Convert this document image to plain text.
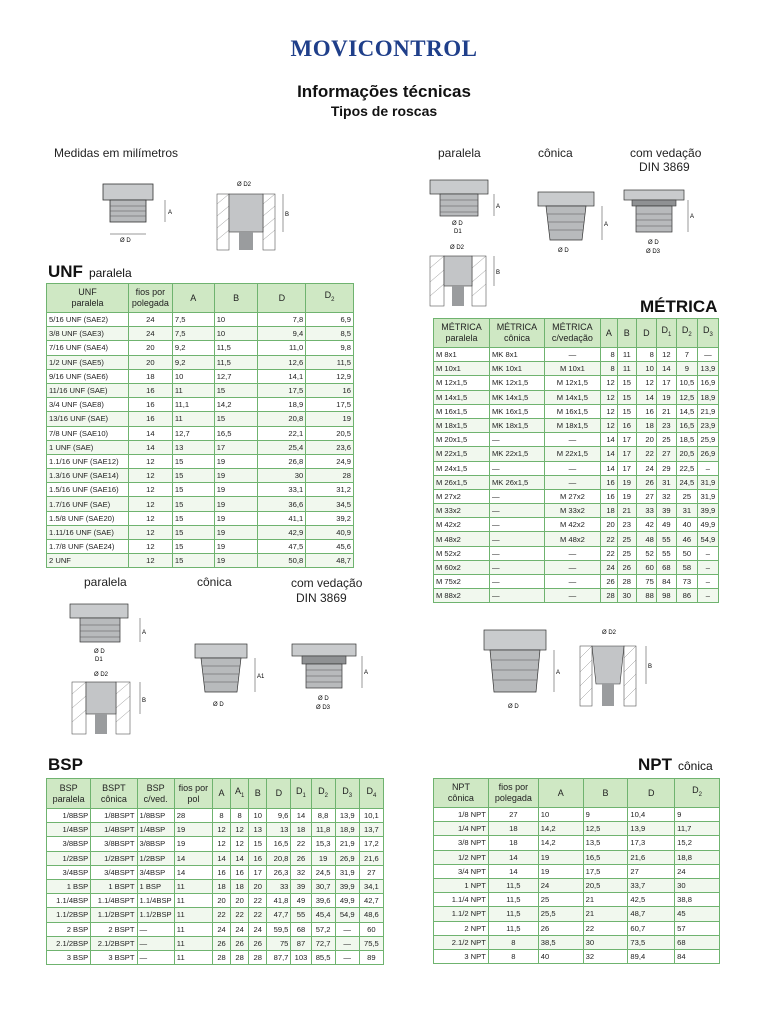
MOVICONTROL
Informações técnicas
Tipos de roscas
Medidas em milímetros	paralela	cônica	com vedação
DIN 3869
A
Ø D
Ø D2
B
Ø D
D1
A
Ø D2
B
A
Ø D
A
Ø D
Ø D3
UNF paralela
UNF
paralela	fios por
polegada	A	B	D	$D_2$
5/16 UNF (SAE2)	24	7,5	10	7,8	6,9
3/8 UNF (SAE3)	24	7,5	10	9,4	8,5
7/16 UNF (SAE4)	20	9,2	11,5	11,0	9,8
1/2 UNF (SAE5)	20	9,2	11,5	12,6	11,5
9/16 UNF (SAE6)	18	10	12,7	14,1	12,9
11/16 UNF (SAE)	16	11	15	17,5	16
3/4 UNF (SAE8)	16	11,1	14,2	18,9	17,5
13/16 UNF (SAE)	16	11	15	20,8	19
7/8 UNF (SAE10)	14	12,7	16,5	22,1	20,5
1 UNF (SAE)	14	13	17	25,4	23,6
1.1/16 UNF (SAE12)	12	15	19	26,8	24,9
1.3/16 UNF (SAE14)	12	15	19	30	28
1.5/16 UNF (SAE16)	12	15	19	33,1	31,2
1.7/16 UNF (SAE)	12	15	19	36,6	34,5
1.5/8 UNF (SAE20)	12	15	19	41,1	39,2
1.11/16 UNF (SAE)	12	15	19	42,9	40,9
1.7/8 UNF (SAE24)	12	15	19	47,5	45,6
2 UNF	12	15	19	50,8	48,7
MÉTRICA
MÉTRICA
paralela	MÉTRICA
cônica	MÉTRICA
c/vedação	A	B	D	$D_1$	$D_2$	$D_3$
M 8x1	MK 8x1	—	8	11	8	12	7	—
M 10x1	MK 10x1	M 10x1	8	11	10	14	9	13,9
M 12x1,5	MK 12x1,5	M 12x1,5	12	15	12	17	10,5	16,9
M 14x1,5	MK 14x1,5	M 14x1,5	12	15	14	19	12,5	18,9
M 16x1,5	MK 16x1,5	M 16x1,5	12	15	16	21	14,5	21,9
M 18x1,5	MK 18x1,5	M 18x1,5	12	16	18	23	16,5	23,9
M 20x1,5	—	—	14	17	20	25	18,5	25,9
M 22x1,5	MK 22x1,5	M 22x1,5	14	17	22	27	20,5	26,9
M 24x1,5	—	—	14	17	24	29	22,5	–
M 26x1,5	MK 26x1,5	—	16	19	26	31	24,5	31,9
M 27x2	—	M 27x2	16	19	27	32	25	31,9
M 33x2	—	M 33x2	18	21	33	39	31	39,9
M 42x2	—	M 42x2	20	23	42	49	40	49,9
M 48x2	—	M 48x2	22	25	48	55	46	54,9
M 52x2	—	—	22	25	52	55	50	–
M 60x2	—	—	24	26	60	68	58	–
M 75x2	—	—	26	28	75	84	73	–
M 88x2	—	—	28	30	88	98	86	–
paralela	cônica	com vedação
DIN 3869
A
Ø D
D1
Ø D2
B
A1
Ø D
A
Ø D
Ø D3
A
Ø D
Ø D2
B
BSP
BSP
paralela	BSPT
cônica	BSP
c/ved.	fios por
pol	A	$A_1$	B	D	$D_1$	$D_2$	$D_3$	$D_4$
1/8BSP	1/8BSPT	1/8BSP	28	8	8	10	9,6	14	8,8	13,9	10,1
1/4BSP	1/4BSPT	1/4BSP	19	12	12	13	13	18	11,8	18,9	13,7
3/8BSP	3/8BSPT	3/8BSP	19	12	12	15	16,5	22	15,3	21,9	17,2
1/2BSP	1/2BSPT	1/2BSP	14	14	14	16	20,8	26	19	26,9	21,6
3/4BSP	3/4BSPT	3/4BSP	14	16	16	17	26,3	32	24,5	31,9	27
1 BSP	1 BSPT	1 BSP	11	18	18	20	33	39	30,7	39,9	34,1
1.1/4BSP	1.1/4BSPT	1.1/4BSP	11	20	20	22	41,8	49	39,6	49,9	42,7
1.1/2BSP	1.1/2BSPT	1.1/2BSP	11	22	22	22	47,7	55	45,4	54,9	48,6
2 BSP	2 BSPT	—	11	24	24	24	59,5	68	57,2	—	60
2.1/2BSP	2.1/2BSPT	—	11	26	26	26	75	87	72,7	—	75,5
3 BSP	3 BSPT	—	11	28	28	28	87,7	103	85,5	—	89
NPT cônica
NPT
cônica	fios por
polegada	A	B	D	$D_2$
1/8 NPT	27	10	9	10,4	9
1/4 NPT	18	14,2	12,5	13,9	11,7
3/8 NPT	18	14,2	13,5	17,3	15,2
1/2 NPT	14	19	16,5	21,6	18,8
3/4 NPT	14	19	17,5	27	24
1 NPT	11,5	24	20,5	33,7	30
1.1/4 NPT	11,5	25	21	42,5	38,8
1.1/2 NPT	11,5	25,5	21	48,7	45
2 NPT	11,5	26	22	60,7	57
2.1/2 NPT	8	38,5	30	73,5	68
3 NPT	8	40	32	89,4	84
